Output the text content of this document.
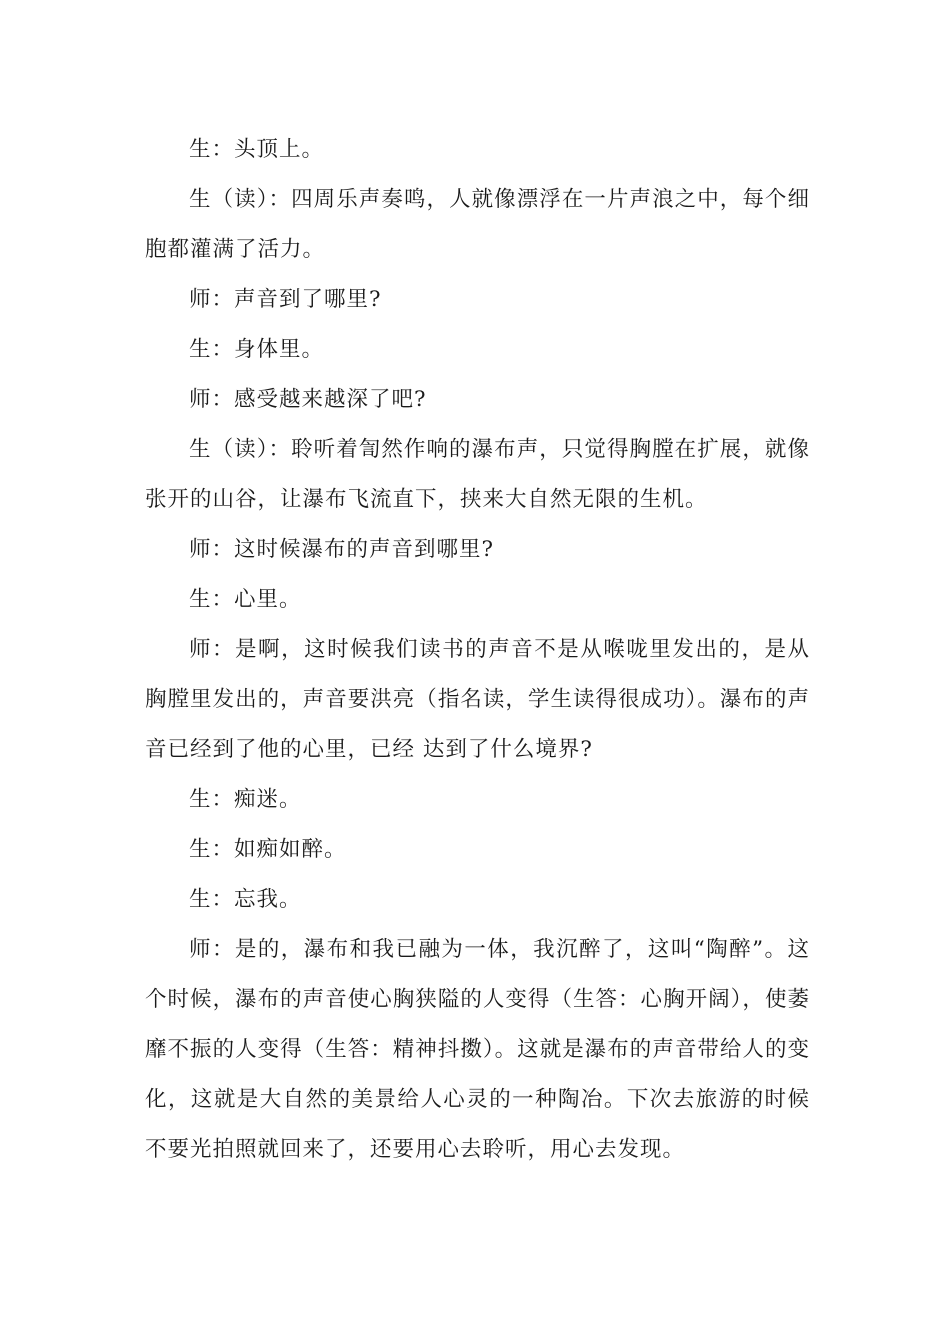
生：头顶上。

生（读）：四周乐声奏鸣，人就像漂浮在一片声浪之中，每个细胞都灌满了活力。

师：声音到了哪里?

生：身体里。

师：感受越来越深了吧?

生（读）：聆听着訇然作响的瀑布声，只觉得胸膛在扩展，就像张开的山谷，让瀑布飞流直下，挟来大自然无限的生机。

师：这时候瀑布的声音到哪里?

生：心里。

师：是啊，这时候我们读书的声音不是从喉咙里发出的，是从胸膛里发出的，声音要洪亮（指名读，学生读得很成功）。瀑布的声音已经到了他的心里，已经 达到了什么境界?

生：痴迷。

生：如痴如醉。

生：忘我。

师：是的，瀑布和我已融为一体，我沉醉了，这叫“陶醉”。这个时候，瀑布的声音使心胸狭隘的人变得（生答：心胸开阔），使萎靡不振的人变得（生答：精神抖擞）。这就是瀑布的声音带给人的变化，这就是大自然的美景给人心灵的一种陶冶。下次去旅游的时候不要光拍照就回来了，还要用心去聆听，用心去发现。
